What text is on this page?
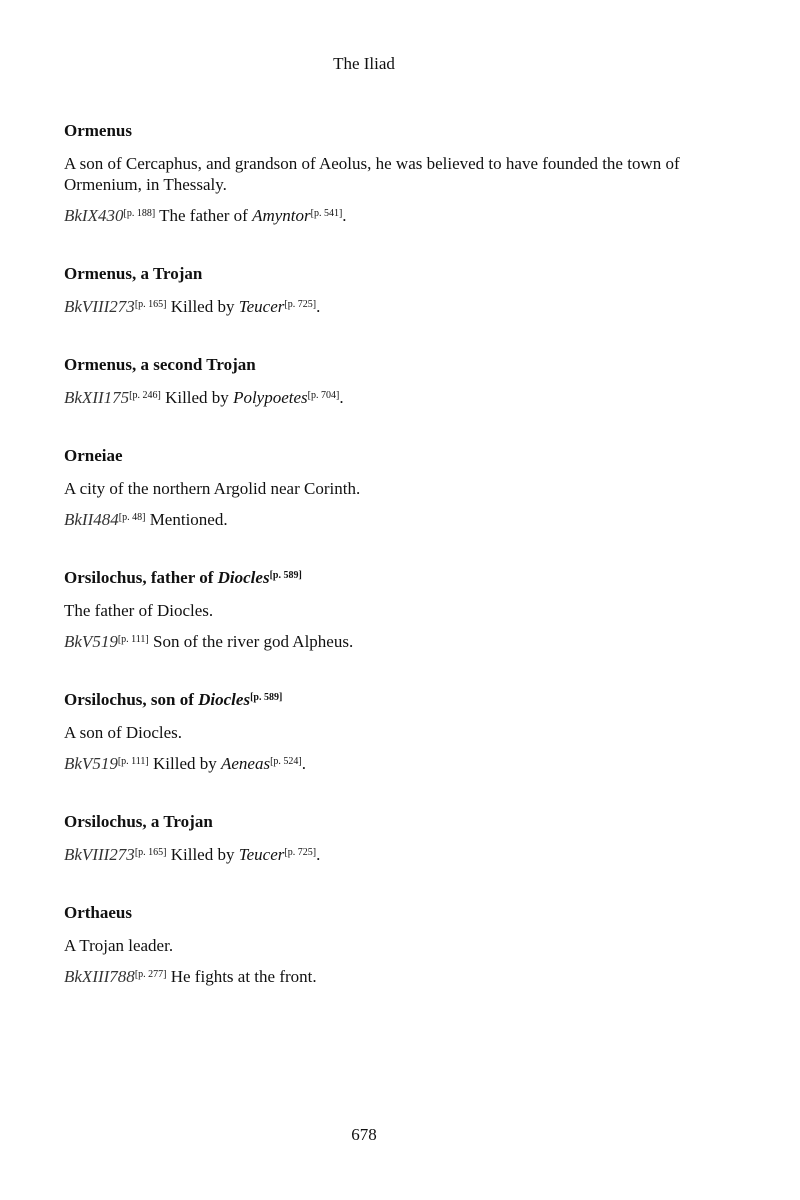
The Iliad
Ormenus
A son of Cercaphus, and grandson of Aeolus, he was believed to have founded the town of Ormenium, in Thessaly.
BkIX430[p. 188] The father of Amyntor[p. 541].
Ormenus, a Trojan
BkVIII273[p. 165] Killed by Teucer[p. 725].
Ormenus, a second Trojan
BkXII175[p. 246] Killed by Polypoetes[p. 704].
Orneiae
A city of the northern Argolid near Corinth.
BkII484[p. 48] Mentioned.
Orsilochus, father of Diocles[p. 589]
The father of Diocles.
BkV519[p. 111] Son of the river god Alpheus.
Orsilochus, son of Diocles[p. 589]
A son of Diocles.
BkV519[p. 111] Killed by Aeneas[p. 524].
Orsilochus, a Trojan
BkVIII273[p. 165] Killed by Teucer[p. 725].
Orthaeus
A Trojan leader.
BkXIII788[p. 277] He fights at the front.
678
